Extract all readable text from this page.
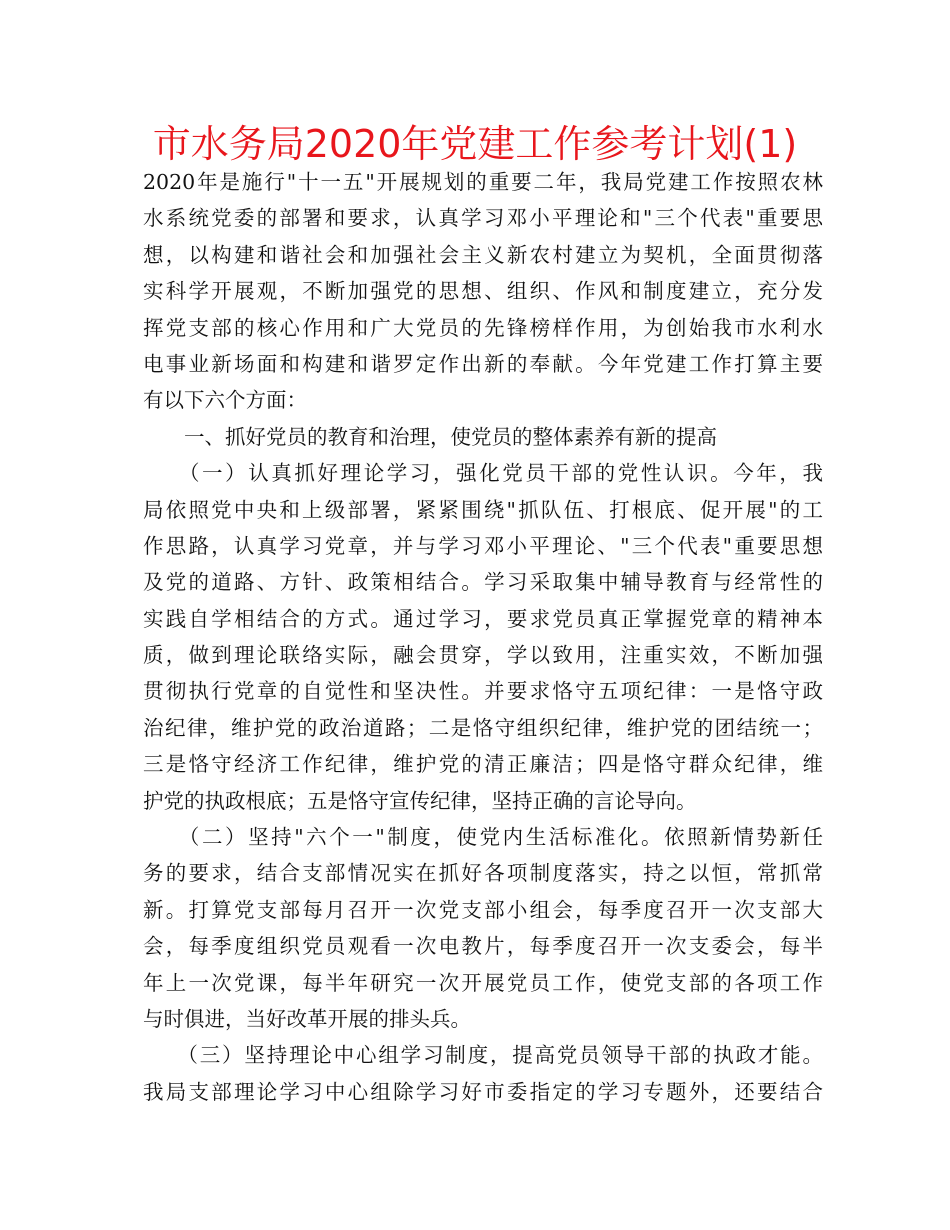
市水务局2020年党建工作参考计划(1)
2020年是施行"十一五"开展规划的重要二年，我局党建工作按照农林
水系统党委的部署和要求，认真学习邓小平理论和"三个代表"重要思
想，以构建和谐社会和加强社会主义新农村建立为契机，全面贯彻落
实科学开展观，不断加强党的思想、组织、作风和制度建立，充分发
挥党支部的核心作用和广大党员的先锋榜样作用，为创始我市水利水
电事业新场面和构建和谐罗定作出新的奉献。今年党建工作打算主要
有以下六个方面：
　　一、抓好党员的教育和治理，使党员的整体素养有新的提高
　　（一）认真抓好理论学习，强化党员干部的党性认识。今年，我
局依照党中央和上级部署，紧紧围绕"抓队伍、打根底、促开展"的工
作思路，认真学习党章，并与学习邓小平理论、"三个代表"重要思想
及党的道路、方针、政策相结合。学习采取集中辅导教育与经常性的
实践自学相结合的方式。通过学习，要求党员真正掌握党章的精神本
质，做到理论联络实际，融会贯穿，学以致用，注重实效，不断加强
贯彻执行党章的自觉性和坚决性。并要求恪守五项纪律：一是恪守政
治纪律，维护党的政治道路；二是恪守组织纪律，维护党的团结统一；
三是恪守经济工作纪律，维护党的清正廉洁；四是恪守群众纪律，维
护党的执政根底；五是恪守宣传纪律，坚持正确的言论导向。
　　（二）坚持"六个一"制度，使党内生活标准化。依照新情势新任
务的要求，结合支部情况实在抓好各项制度落实，持之以恒，常抓常
新。打算党支部每月召开一次党支部小组会，每季度召开一次支部大
会，每季度组织党员观看一次电教片，每季度召开一次支委会，每半
年上一次党课，每半年研究一次开展党员工作，使党支部的各项工作
与时俱进，当好改革开展的排头兵。
　　（三）坚持理论中心组学习制度，提高党员领导干部的执政才能。
我局支部理论学习中心组除学习好市委指定的学习专题外，还要结合
